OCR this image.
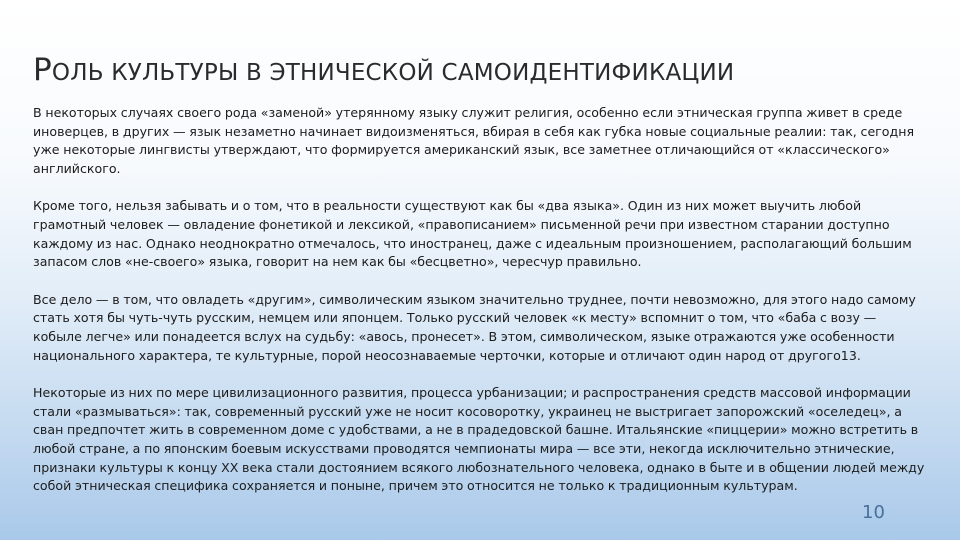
РОЛЬ КУЛЬТУРЫ В ЭТНИЧЕСКОЙ САМОИДЕНТИФИКАЦИИ

В некоторых случаях своего рода «заменой» утерянному языку служит религия, особенно если этническая группа живет в среде иноверцев, в других — язык незаметно начинает видоизменяться, вбирая в себя как губка новые социальные реалии: так, сегодня уже некоторые лингвисты утверждают, что формируется американский язык, все заметнее отличающийся от «классического» английского.

Кроме того, нельзя забывать и о том, что в реальности существуют как бы «два языка». Один из них может выучить любой грамотный человек — овладение фонетикой и лексикой, «правописанием» письменной речи при известном старании доступно каждому из нас. Однако неоднократно отмечалось, что иностранец, даже с идеальным произношением, располагающий большим запасом слов «не-своего» языка, говорит на нем как бы «бесцветно», чересчур правильно.

Все дело — в том, что овладеть «другим», символическим языком значительно труднее, почти невозможно, для этого надо самому стать хотя бы чуть-чуть русским, немцем или японцем. Только русский человек «к месту» вспомнит о том, что «баба с возу — кобыле легче» или понадеется вслух на судьбу: «авось, пронесет». В этом, символическом, языке отражаются уже особенности национального характера, те культурные, порой неосознаваемые черточки, которые и отличают один народ от другого13.

Некоторые из них по мере цивилизационного развития, процесса урбанизации; и распространения средств массовой информации стали «размываться»: так, современный русский уже не носит косоворотку, украинец не выстригает запорожский «оселедец», а сван предпочтет жить в современном доме с удобствами, а не в прадедовской башне. Итальянские «пиццерии» можно встретить в любой стране, а по японским боевым искусствами проводятся чемпионаты мира — все эти, некогда исключительно этнические, признаки культуры к концу XX века стали достоянием всякого любознательного человека, однако в быте и в общении людей между собой этническая специфика сохраняется и поныне, причем это относится не только к традиционным культурам.

10
